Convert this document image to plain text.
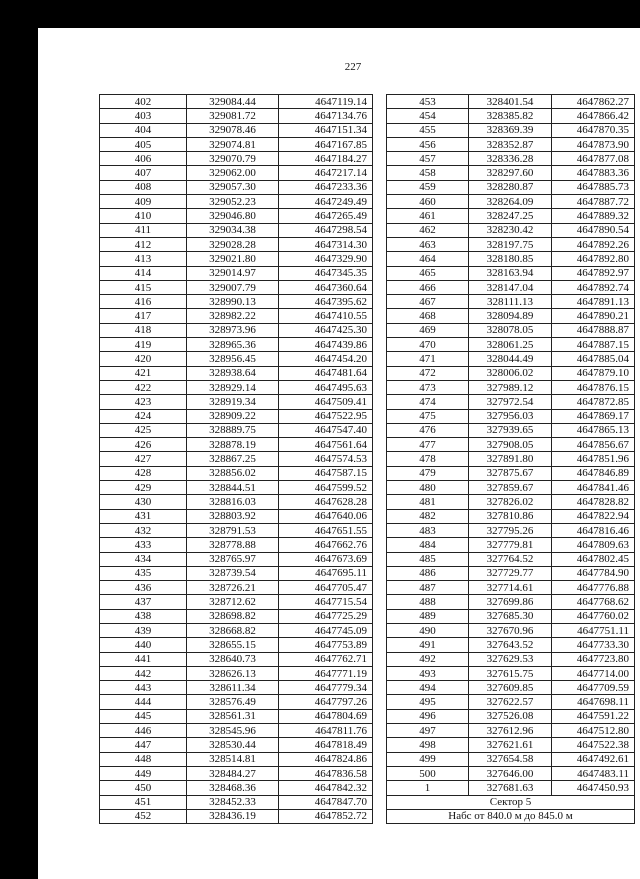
227
402	329084.44	4647119.14
403	329081.72	4647134.76
404	329078.46	4647151.34
405	329074.81	4647167.85
406	329070.79	4647184.27
407	329062.00	4647217.14
408	329057.30	4647233.36
409	329052.23	4647249.49
410	329046.80	4647265.49
411	329034.38	4647298.54
412	329028.28	4647314.30
413	329021.80	4647329.90
414	329014.97	4647345.35
415	329007.79	4647360.64
416	328990.13	4647395.62
417	328982.22	4647410.55
418	328973.96	4647425.30
419	328965.36	4647439.86
420	328956.45	4647454.20
421	328938.64	4647481.64
422	328929.14	4647495.63
423	328919.34	4647509.41
424	328909.22	4647522.95
425	328889.75	4647547.40
426	328878.19	4647561.64
427	328867.25	4647574.53
428	328856.02	4647587.15
429	328844.51	4647599.52
430	328816.03	4647628.28
431	328803.92	4647640.06
432	328791.53	4647651.55
433	328778.88	4647662.76
434	328765.97	4647673.69
435	328739.54	4647695.11
436	328726.21	4647705.47
437	328712.62	4647715.54
438	328698.82	4647725.29
439	328668.82	4647745.09
440	328655.15	4647753.89
441	328640.73	4647762.71
442	328626.13	4647771.19
443	328611.34	4647779.34
444	328576.49	4647797.26
445	328561.31	4647804.69
446	328545.96	4647811.76
447	328530.44	4647818.49
448	328514.81	4647824.86
449	328484.27	4647836.58
450	328468.36	4647842.32
451	328452.33	4647847.70
452	328436.19	4647852.72
453	328401.54	4647862.27
454	328385.82	4647866.42
455	328369.39	4647870.35
456	328352.87	4647873.90
457	328336.28	4647877.08
458	328297.60	4647883.36
459	328280.87	4647885.73
460	328264.09	4647887.72
461	328247.25	4647889.32
462	328230.42	4647890.54
463	328197.75	4647892.26
464	328180.85	4647892.80
465	328163.94	4647892.97
466	328147.04	4647892.74
467	328111.13	4647891.13
468	328094.89	4647890.21
469	328078.05	4647888.87
470	328061.25	4647887.15
471	328044.49	4647885.04
472	328006.02	4647879.10
473	327989.12	4647876.15
474	327972.54	4647872.85
475	327956.03	4647869.17
476	327939.65	4647865.13
477	327908.05	4647856.67
478	327891.80	4647851.96
479	327875.67	4647846.89
480	327859.67	4647841.46
481	327826.02	4647828.82
482	327810.86	4647822.94
483	327795.26	4647816.46
484	327779.81	4647809.63
485	327764.52	4647802.45
486	327729.77	4647784.90
487	327714.61	4647776.88
488	327699.86	4647768.62
489	327685.30	4647760.02
490	327670.96	4647751.11
491	327643.52	4647733.30
492	327629.53	4647723.80
493	327615.75	4647714.00
494	327609.85	4647709.59
495	327622.57	4647698.11
496	327526.08	4647591.22
497	327612.96	4647512.80
498	327621.61	4647522.38
499	327654.58	4647492.61
500	327646.00	4647483.11
1	327681.63	4647450.93
Сектор 5		
Набс от 840.0 м до 845.0 м		
